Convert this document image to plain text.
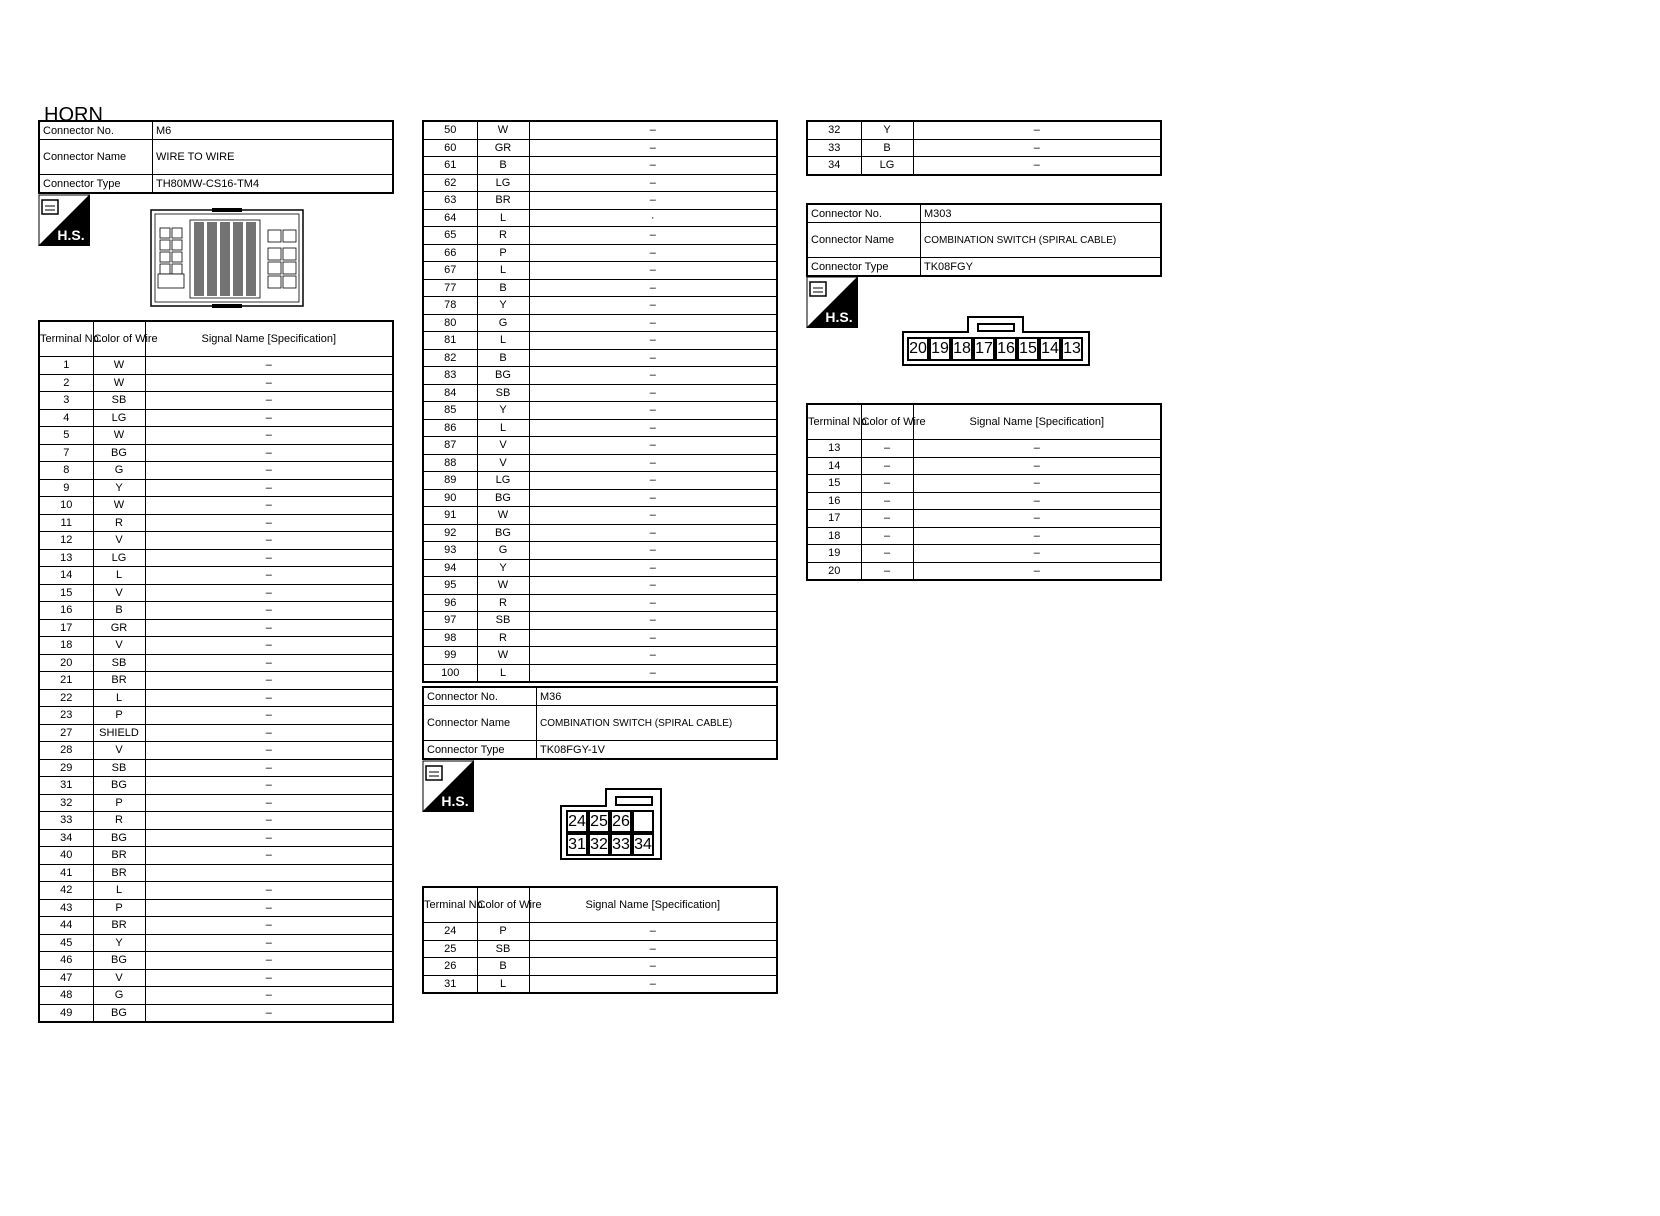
HORN
Connector No.	M6
Connector Name	WIRE TO WIRE
Connector Type	TH80MW-CS16-TM4
H.S.
Terminal No.	Color of Wire	Signal Name [Specification]
1	W	–
2	W	–
3	SB	–
4	LG	–
5	W	–
7	BG	–
8	G	–
9	Y	–
10	W	–
11	R	–
12	V	–
13	LG	–
14	L	–
15	V	–
16	B	–
17	GR	–
18	V	–
20	SB	–
21	BR	–
22	L	–
23	P	–
27	SHIELD	–
28	V	–
29	SB	–
31	BG	–
32	P	–
33	R	–
34	BG	–
40	BR	–
41	BR	
42	L	–
43	P	–
44	BR	–
45	Y	–
46	BG	–
47	V	–
48	G	–
49	BG	–
50	W	–
60	GR	–
61	B	–
62	LG	–
63	BR	–
64	L	·
65	R	–
66	P	–
67	L	–
77	B	–
78	Y	–
80	G	–
81	L	–
82	B	–
83	BG	–
84	SB	–
85	Y	–
86	L	–
87	V	–
88	V	–
89	LG	–
90	BG	–
91	W	–
92	BG	–
93	G	–
94	Y	–
95	W	–
96	R	–
97	SB	–
98	R	–
99	W	–
100	L	–
Connector No.	M36
Connector Name	COMBINATION SWITCH (SPIRAL CABLE)
Connector Type	TK08FGY-1V
H.S.
24 25 26
31 32 33 34
Terminal No.	Color of Wire	Signal Name [Specification]
24	P	–
25	SB	–
26	B	–
31	L	–
32	Y	–
33	B	–
34	LG	–
Connector No.	M303
Connector Name	COMBINATION SWITCH (SPIRAL CABLE)
Connector Type	TK08FGY
H.S.
20 19 18 17 16 15 14 13
Terminal No.	Color of Wire	Signal Name [Specification]
13	–	–
14	–	–
15	–	–
16	–	–
17	–	–
18	–	–
19	–	–
20	–	–
